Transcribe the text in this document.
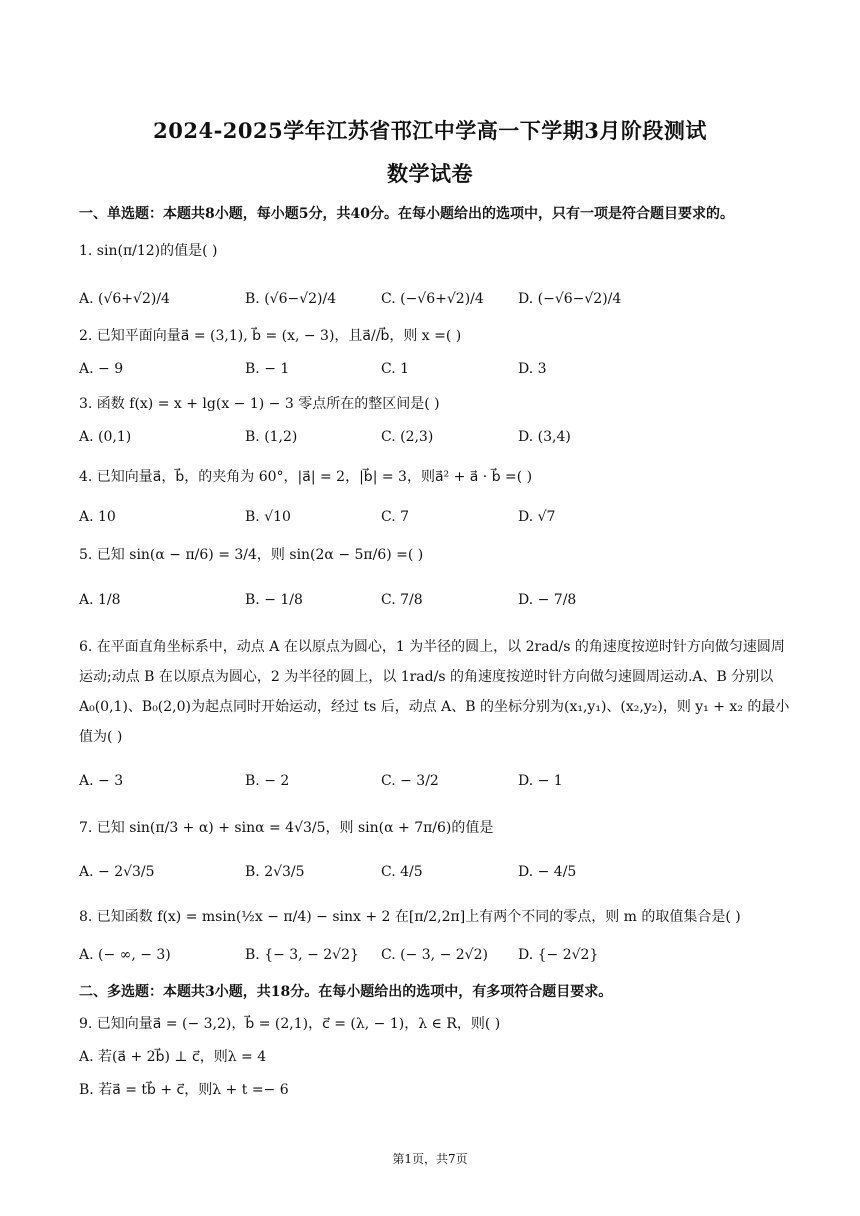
2024-2025学年江苏省邗江中学高一下学期3月阶段测试
数学试卷
一、单选题：本题共8小题，每小题5分，共40分。在每小题给出的选项中，只有一项是符合题目要求的。
1. sin(π/12)的值是( )
A. (√6+√2)/4	B. (√6−√2)/4	C. (−√6+√2)/4 D. (−√6−√2)/4
2. 已知平面向量a⃗ = (3,1), b⃗ = (x, − 3)，且a⃗//b⃗，则 x =( )
A. − 9	B. − 1	C. 1	D. 3
3. 函数 f(x) = x + lg(x − 1) − 3 零点所在的整区间是( )
A. (0,1)	B. (1,2)	C. (2,3)	D. (3,4)
4. 已知向量a⃗，b⃗，的夹角为 60°，|a⃗| = 2，|b⃗| = 3，则a⃗² + a⃗ · b⃗ =( )
A. 10	B. √10	C. 7	D. √7
5. 已知 sin(α − π/6) = 3/4，则 sin(2α − 5π/6) =( )
A. 1/8	B. − 1/8	C. 7/8	D. − 7/8
6. 在平面直角坐标系中，动点 A 在以原点为圆心，1 为半径的圆上，以 2rad/s 的角速度按逆时针方向做匀速圆周运动;动点 B 在以原点为圆心，2 为半径的圆上，以 1rad/s 的角速度按逆时针方向做匀速圆周运动.A、B 分别以A₀(0,1)、B₀(2,0)为起点同时开始运动，经过 ts 后，动点 A、B 的坐标分别为(x₁,y₁)、(x₂,y₂)，则 y₁ + x₂ 的最小值为( )
A. − 3	B. − 2	C. − 3/2	D. − 1
7. 已知 sin(π/3 + α) + sinα = 4√3/5，则 sin(α + 7π/6)的值是
A. − 2√3/5	B. 2√3/5	C. 4/5	D. − 4/5
8. 已知函数 f(x) = msin(½x − π/4) − sinx + 2 在[π/2,2π]上有两个不同的零点，则 m 的取值集合是( )
A. (− ∞, − 3)	B. {− 3, − 2√2} C. (− 3, − 2√2) D. {− 2√2}
二、多选题：本题共3小题，共18分。在每小题给出的选项中，有多项符合题目要求。
9. 已知向量a⃗ = (− 3,2)，b⃗ = (2,1)，c⃗ = (λ, − 1)，λ ∈ R，则( )
A. 若(a⃗ + 2b⃗) ⊥ c⃗，则λ = 4
B. 若a⃗ = tb⃗ + c⃗，则λ + t =− 6
第1页，共7页
